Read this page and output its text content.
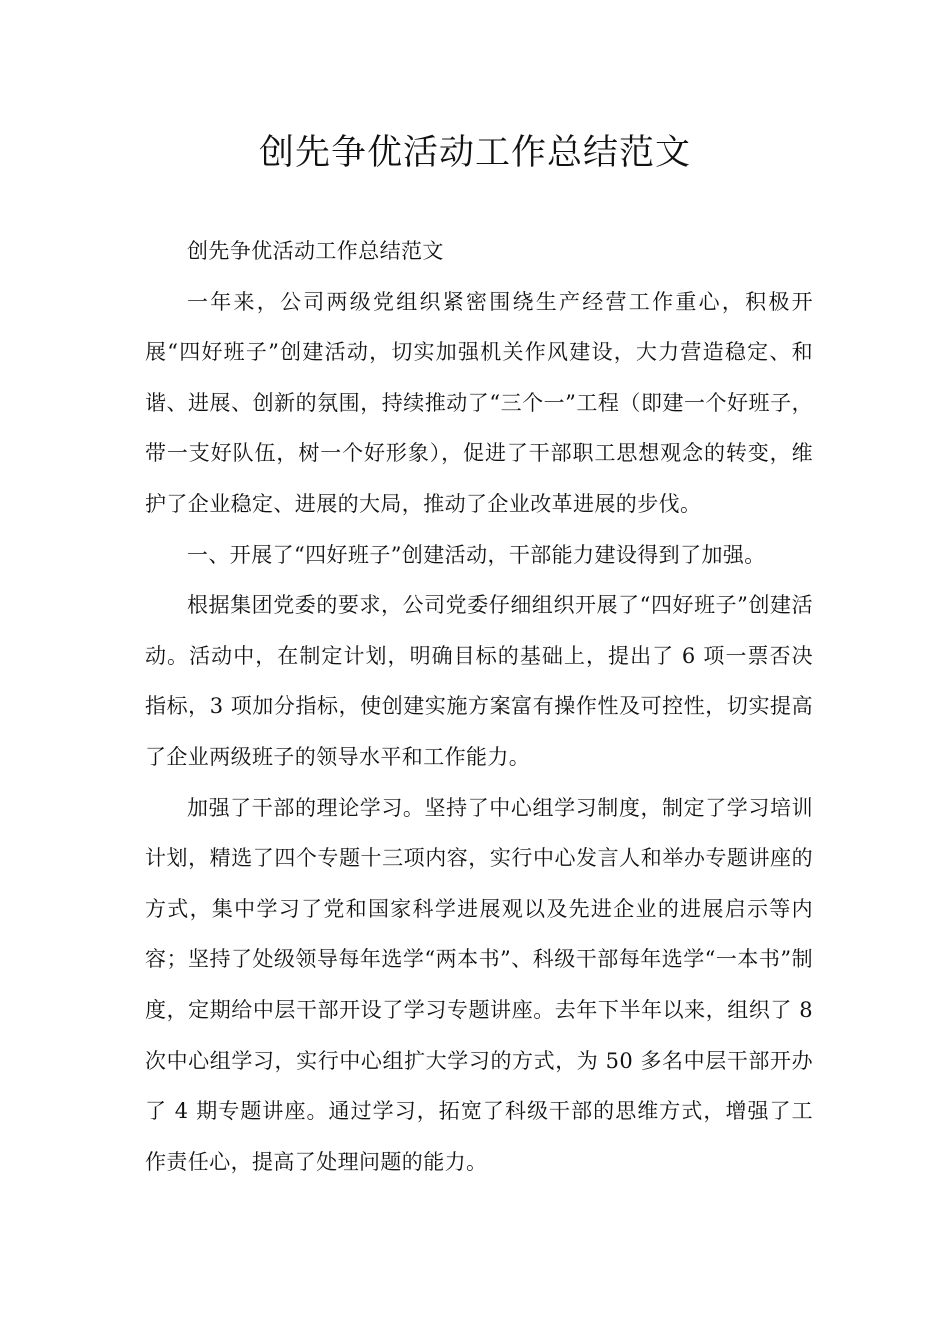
创先争优活动工作总结范文

创先争优活动工作总结范文

一年来，公司两级党组织紧密围绕生产经营工作重心，积极开展“四好班子”创建活动，切实加强机关作风建设，大力营造稳定、和谐、进展、创新的氛围，持续推动了“三个一”工程（即建一个好班子，带一支好队伍，树一个好形象），促进了干部职工思想观念的转变，维护了企业稳定、进展的大局，推动了企业改革进展的步伐。

一、开展了“四好班子”创建活动，干部能力建设得到了加强。

根据集团党委的要求，公司党委仔细组织开展了“四好班子”创建活动。活动中，在制定计划，明确目标的基础上，提出了 6 项一票否决指标，3 项加分指标，使创建实施方案富有操作性及可控性，切实提高了企业两级班子的领导水平和工作能力。

加强了干部的理论学习。坚持了中心组学习制度，制定了学习培训计划，精选了四个专题十三项内容，实行中心发言人和举办专题讲座的方式，集中学习了党和国家科学进展观以及先进企业的进展启示等内容；坚持了处级领导每年选学“两本书”、科级干部每年选学“一本书”制度，定期给中层干部开设了学习专题讲座。去年下半年以来，组织了 8 次中心组学习，实行中心组扩大学习的方式，为 50 多名中层干部开办了 4 期专题讲座。通过学习，拓宽了科级干部的思维方式，增强了工作责任心，提高了处理问题的能力。
